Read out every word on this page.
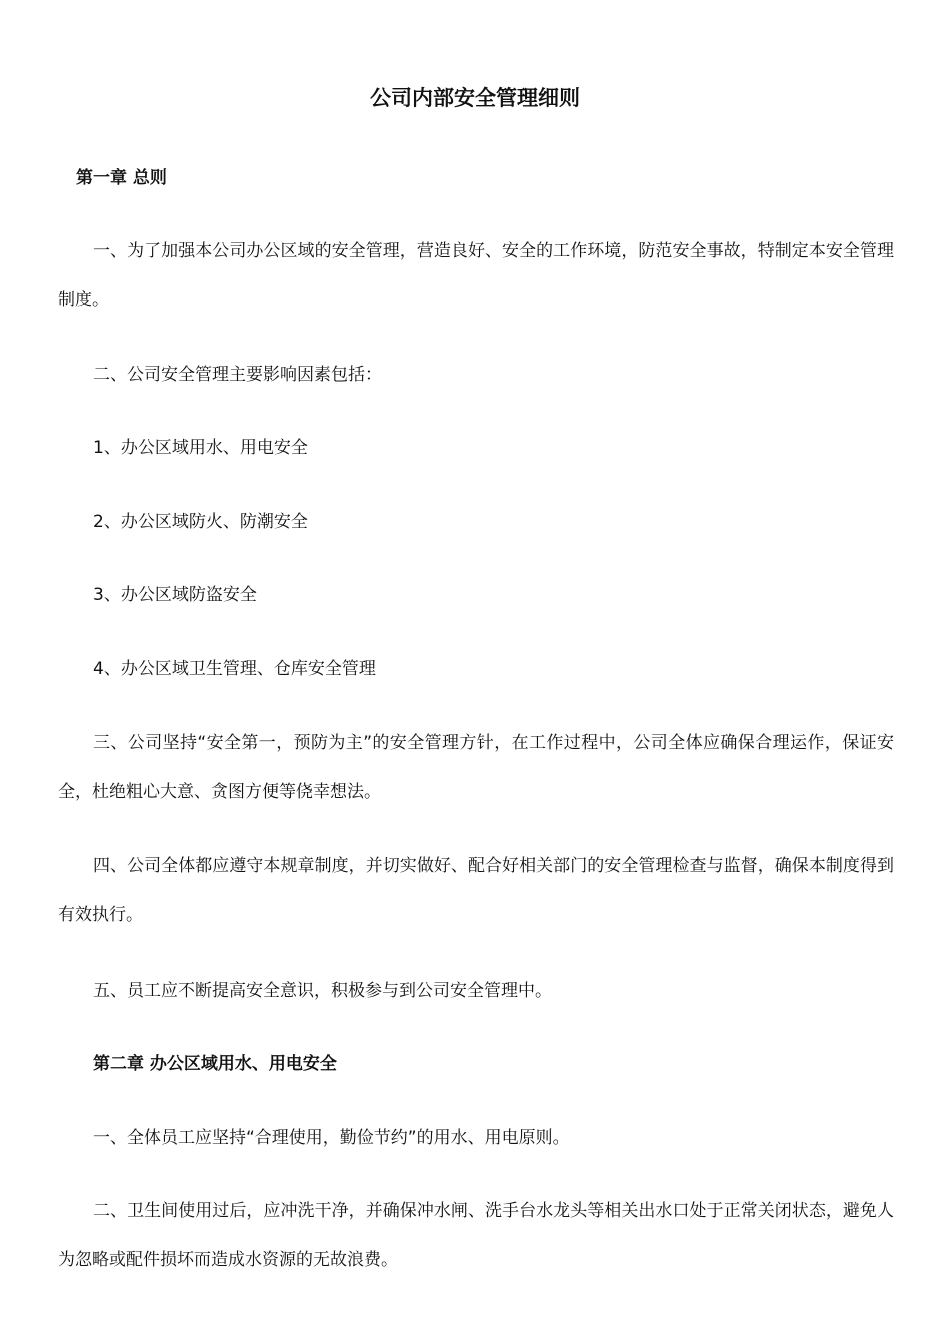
公司内部安全管理细则
第一章 总则
一、为了加强本公司办公区域的安全管理，营造良好、安全的工作环境，防范安全事故，特制定本安全管理制度。
二、公司安全管理主要影响因素包括：
1、办公区域用水、用电安全
2、办公区域防火、防潮安全
3、办公区域防盗安全
4、办公区域卫生管理、仓库安全管理
三、公司坚持“安全第一，预防为主”的安全管理方针，在工作过程中，公司全体应确保合理运作，保证安全，杜绝粗心大意、贪图方便等侥幸想法。
四、公司全体都应遵守本规章制度，并切实做好、配合好相关部门的安全管理检查与监督，确保本制度得到有效执行。
五、员工应不断提高安全意识，积极参与到公司安全管理中。
第二章 办公区域用水、用电安全
一、全体员工应坚持“合理使用，勤俭节约”的用水、用电原则。
二、卫生间使用过后，应冲洗干净，并确保冲水闸、洗手台水龙头等相关出水口处于正常关闭状态，避免人为忽略或配件损坏而造成水资源的无故浪费。
